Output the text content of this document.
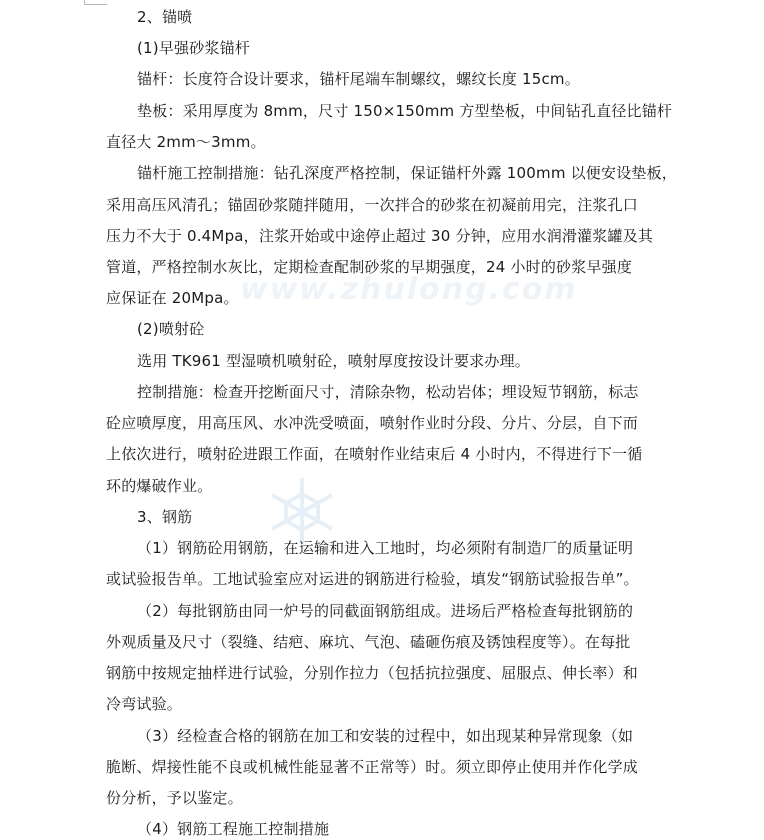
www.zhulong.com
2、锚喷
(1)早强砂浆锚杆
锚杆：长度符合设计要求，锚杆尾端车制螺纹，螺纹长度 15cm。
垫板：采用厚度为 8mm，尺寸 150×150mm 方型垫板，中间钻孔直径比锚杆
直径大 2mm～3mm。
锚杆施工控制措施：钻孔深度严格控制，保证锚杆外露 100mm 以便安设垫板，
采用高压风清孔；锚固砂浆随拌随用，一次拌合的砂浆在初凝前用完，注浆孔口
压力不大于 0.4Mpa，注浆开始或中途停止超过 30 分钟，应用水润滑灌浆罐及其
管道，严格控制水灰比，定期检查配制砂浆的早期强度，24 小时的砂浆早强度
应保证在 20Mpa。
(2)喷射砼
选用 TK961 型湿喷机喷射砼，喷射厚度按设计要求办理。
控制措施：检查开挖断面尺寸，清除杂物，松动岩体；埋设短节钢筋，标志
砼应喷厚度，用高压风、水冲洗受喷面，喷射作业时分段、分片、分层，自下而
上依次进行，喷射砼进跟工作面，在喷射作业结束后 4 小时内，不得进行下一循
环的爆破作业。
3、钢筋
（1）钢筋砼用钢筋，在运输和进入工地时，均必须附有制造厂的质量证明
或试验报告单。工地试验室应对运进的钢筋进行检验，填发“钢筋试验报告单”。
（2）每批钢筋由同一炉号的同截面钢筋组成。进场后严格检查每批钢筋的
外观质量及尺寸（裂缝、结疤、麻坑、气泡、磕砸伤痕及锈蚀程度等）。在每批
钢筋中按规定抽样进行试验，分别作拉力（包括抗拉强度、屈服点、伸长率）和
冷弯试验。
（3）经检查合格的钢筋在加工和安装的过程中，如出现某种异常现象（如
脆断、焊接性能不良或机械性能显著不正常等）时。须立即停止使用并作化学成
份分析，予以鉴定。
（4）钢筋工程施工控制措施
